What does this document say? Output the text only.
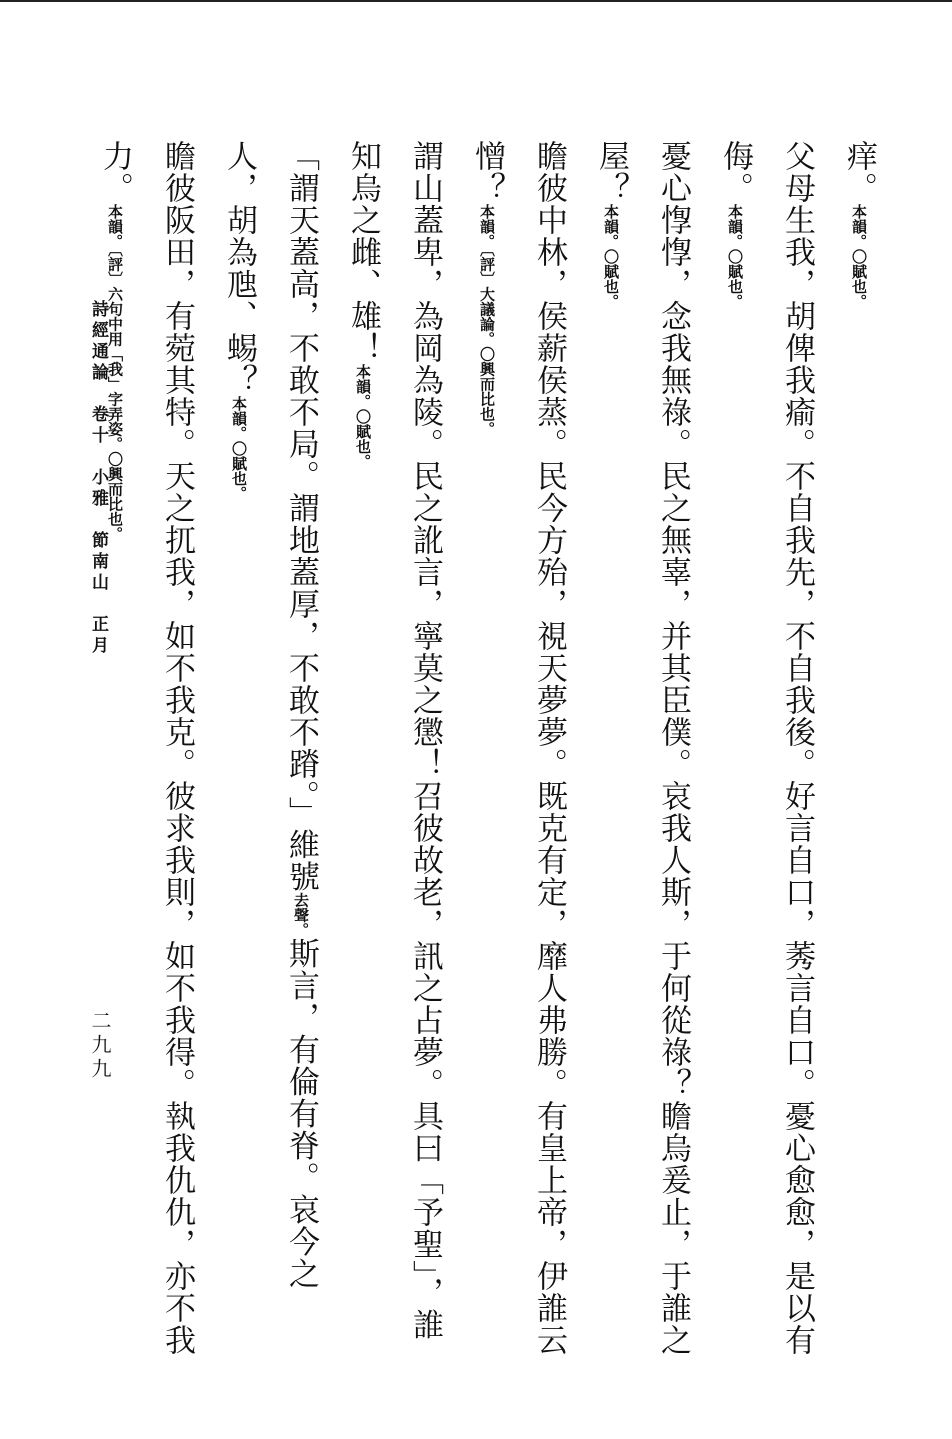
痒。本韻。〇賦也。
父母生我，胡俾我瘉。不自我先，不自我後。好言自口，莠言自口。憂心愈愈，是以有
侮。本韻。〇賦也。
憂心惸惸，念我無祿。民之無辜，并其臣僕。哀我人斯，于何從祿？瞻烏爰止，于誰之
屋？本韻。〇賦也。
瞻彼中林，侯薪侯蒸。民今方殆，視天夢夢。既克有定，靡人弗勝。有皇上帝，伊誰云
憎？本韻。〔評〕大議論。〇興而比也。
謂山蓋卑，為岡為陵。民之訛言，寧莫之懲！召彼故老，訊之占夢。具曰「予聖」，誰
知烏之雌、雄！本韻。〇賦也。
「謂天蓋高，不敢不局。謂地蓋厚，不敢不蹐。」維號去聲。斯言，有倫有脊。哀今之
人，胡為虺、蜴？本韻。〇賦也。
瞻彼阪田，有菀其特。天之扤我，如不我克。彼求我則，如不我得。執我仇仇，亦不我
力。本韻。〔評〕六句中用「我」字弄姿。〇興而比也。
詩經通論　卷十　小雅　節南山　正月
二九九
